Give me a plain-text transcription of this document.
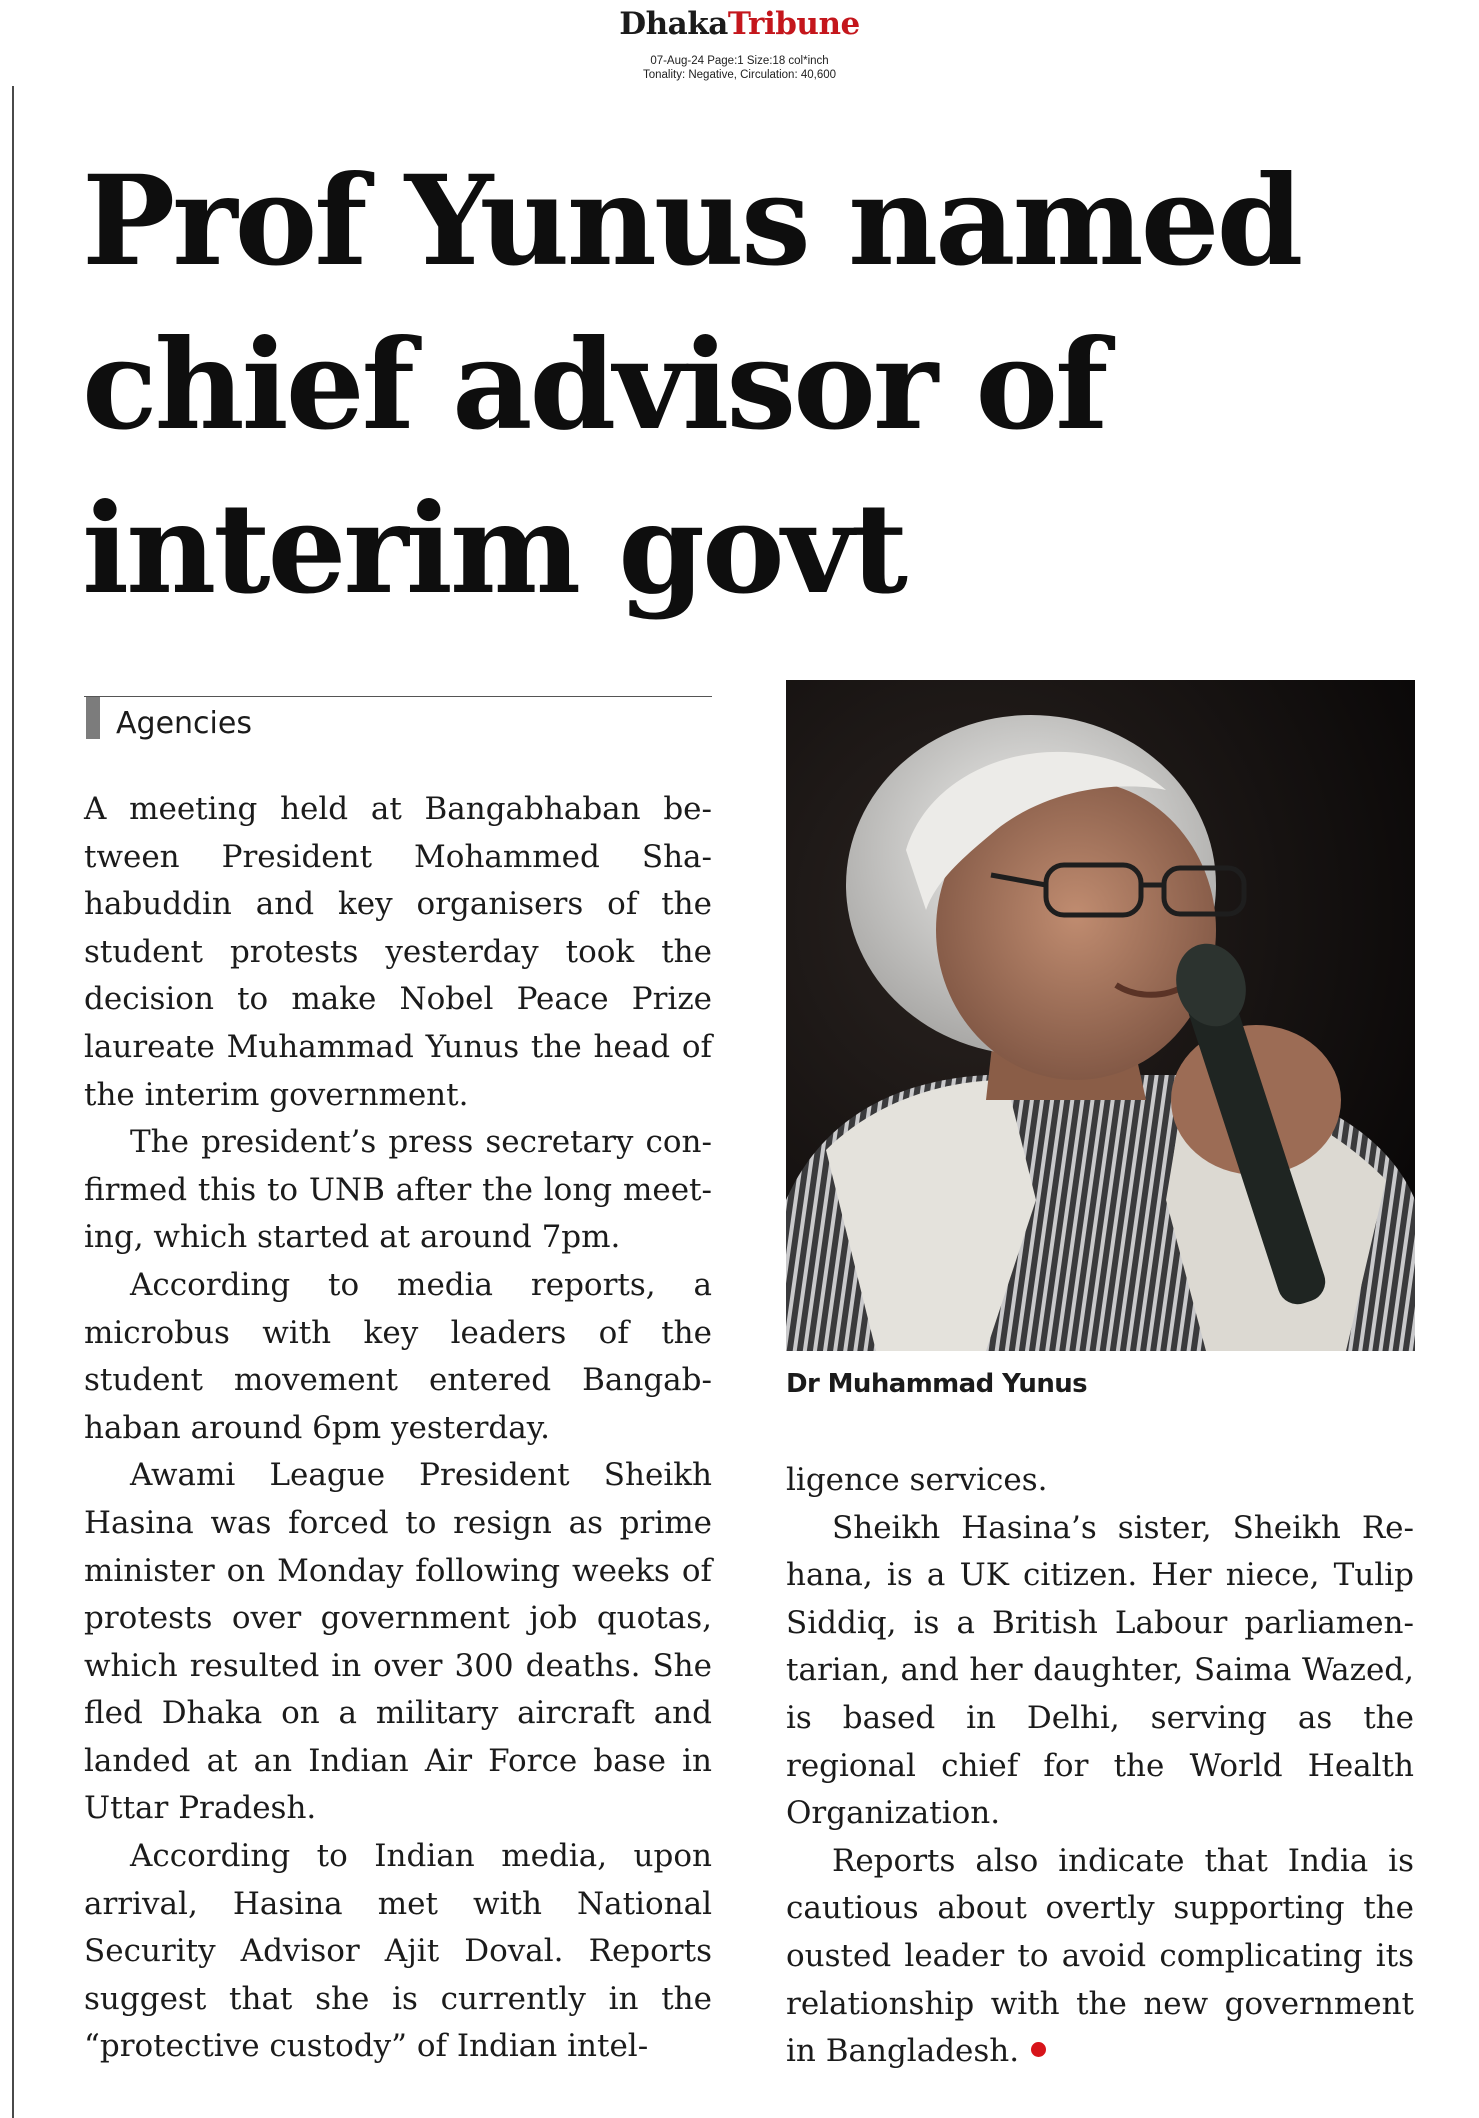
DhakaTribune
07-Aug-24 Page:1 Size:18 col*inch
Tonality: Negative, Circulation: 40,600
Prof Yunus named
chief advisor of
interim govt
Agencies

A meeting held at Bangabhaban between President Mohammed Shahabuddin and key organisers of the student protests yesterday took the decision to make Nobel Peace Prize laureate Muhammad Yunus the head of the interim government.

The president’s press secretary confirmed this to UNB after the long meeting, which started at around 7pm.

According to media reports, a microbus with key leaders of the student movement entered Bangabhaban around 6pm yesterday.

Awami League President Sheikh Hasina was forced to resign as prime minister on Monday following weeks of protests over government job quotas, which resulted in over 300 deaths. She fled Dhaka on a military aircraft and landed at an Indian Air Force base in Uttar Pradesh.

According to Indian media, upon arrival, Hasina met with National Security Advisor Ajit Doval. Reports suggest that she is currently in the “protective custody” of Indian intel-

Dr Muhammad Yunus

ligence services.

Sheikh Hasina’s sister, Sheikh Rehana, is a UK citizen. Her niece, Tulip Siddiq, is a British Labour parliamentarian, and her daughter, Saima Wazed, is based in Delhi, serving as the regional chief for the World Health Organization.

Reports also indicate that India is cautious about overtly supporting the ousted leader to avoid complicating its relationship with the new government in Bangladesh.
